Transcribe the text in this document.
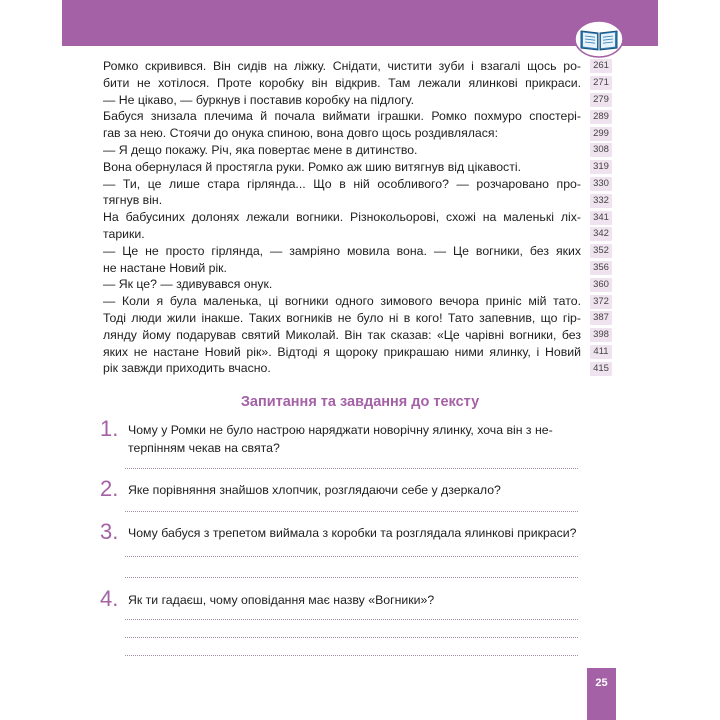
Ромко скривився. Він сидів на ліжку. Снідати, чистити зуби і взагалі щось ро-
бити не хотілося. Проте коробку він відкрив. Там лежали ялинкові прикраси.
— Не цікаво, — буркнув і поставив коробку на підлогу.
Бабуся знизала плечима й почала виймати іграшки. Ромко похмуро спостері-
гав за нею. Стоячи до онука спиною, вона довго щось роздивлялася:
— Я дещо покажу. Річ, яка повертає мене в дитинство.
Вона обернулася й простягла руки. Ромко аж шию витягнув від цікавості.
— Ти, це лише стара гірлянда... Що в ній особливого? — розчаровано про-
тягнув він.
На бабусиних долонях лежали вогники. Різнокольорові, схожі на маленькі ліх-
тарики.
— Це не просто гірлянда, — замріяно мовила вона. — Це вогники, без яких
не настане Новий рік.
— Як це? — здивувався онук.
— Коли я була маленька, ці вогники одного зимового вечора приніс мій тато.
Тоді люди жили інакше. Таких вогників не було ні в кого! Тато запевнив, що гір-
лянду йому подарував святий Миколай. Він так сказав: «Це чарівні вогники, без
яких не настане Новий рік». Відтоді я щороку прикрашаю ними ялинку, і Новий
рік завжди приходить вчасно.
261
271
279
289
299
308
319
330
332
341
342
352
356
360
372
387
398
411
415
Запитання та завдання до тексту
1. Чому у Ромки не було настрою наряджати новорічну ялинку, хоча він з не-терпінням чекав на свята?
2. Яке порівняння знайшов хлопчик, розглядаючи себе у дзеркало?
3. Чому бабуся з трепетом виймала з коробки та розглядала ялинкові прикраси?
4. Як ти гадаєш, чому оповідання має назву «Вогники»?
25
